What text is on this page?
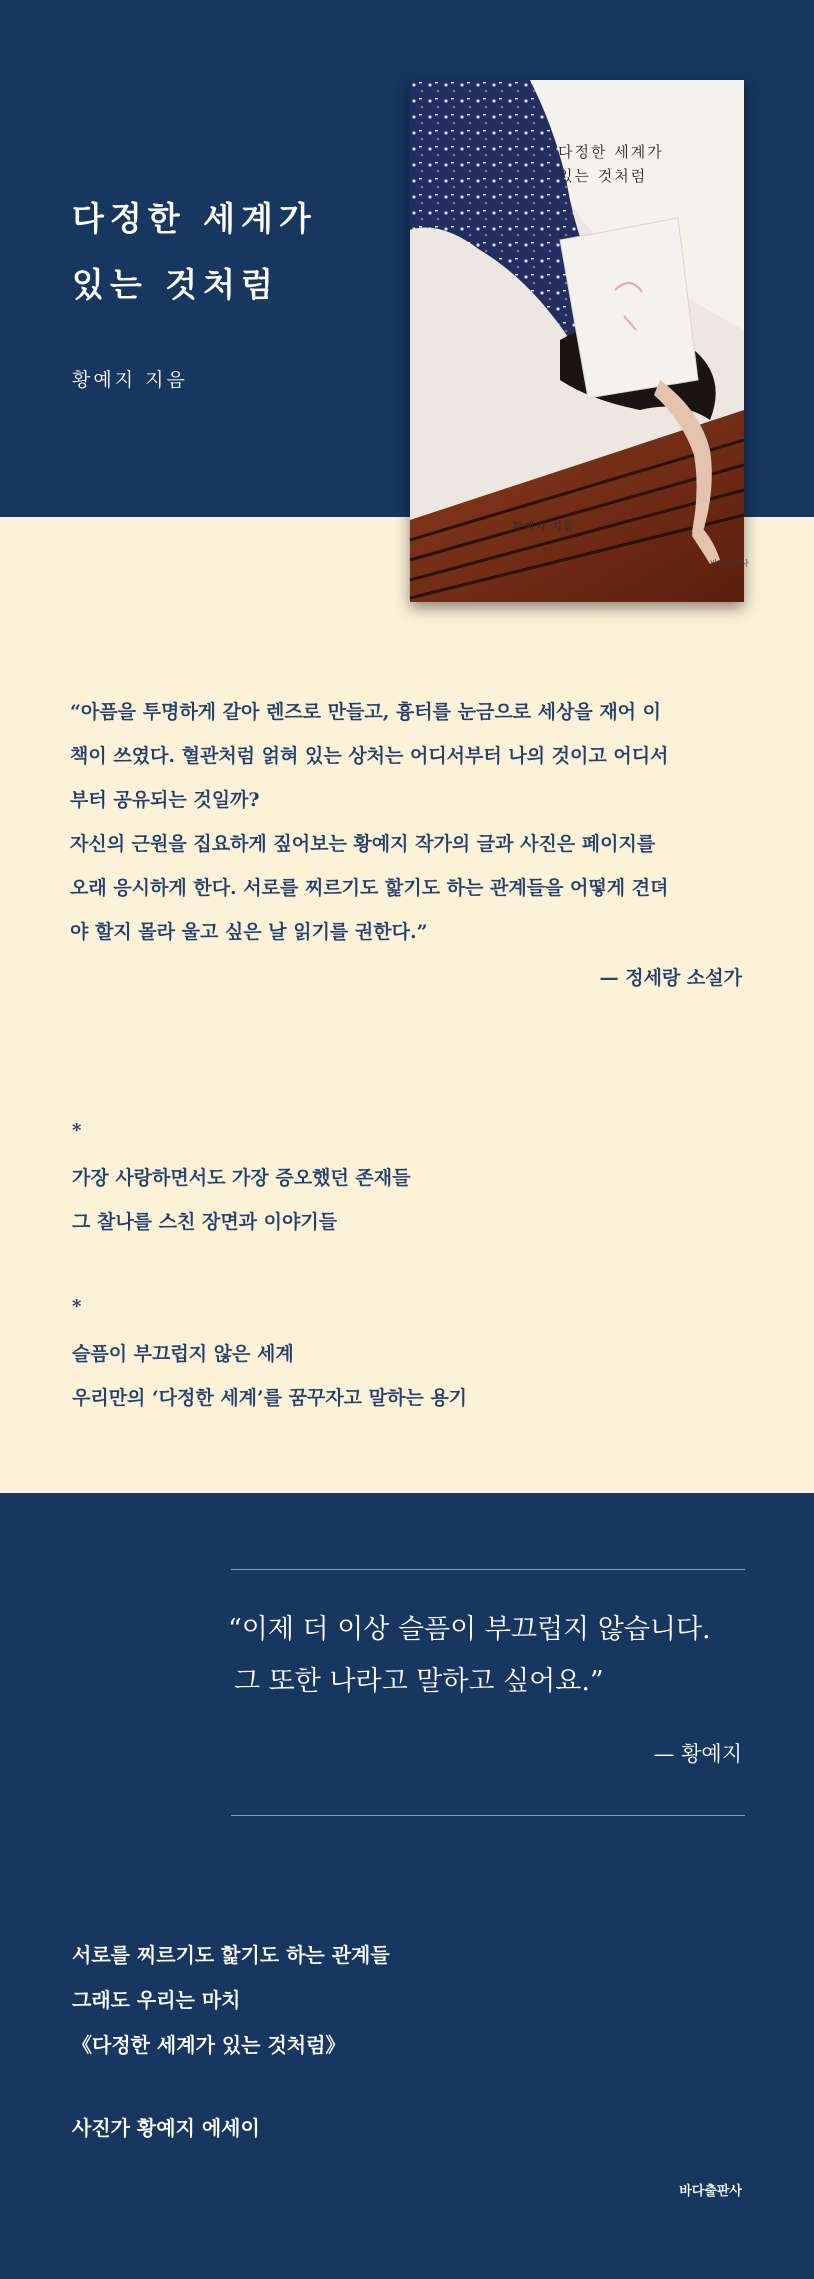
다정한 세계가
있는 것처럼
황예지 지음
다정한 세계가
있는 것처럼
황예지 지음
바다출판사
“아픔을 투명하게 갈아 렌즈로 만들고, 흉터를 눈금으로 세상을 재어 이
책이 쓰였다. 혈관처럼 얽혀 있는 상처는 어디서부터 나의 것이고 어디서
부터 공유되는 것일까?
자신의 근원을 집요하게 짚어보는 황예지 작가의 글과 사진은 페이지를
오래 응시하게 한다. 서로를 찌르기도 핥기도 하는 관계들을 어떻게 견뎌
야 할지 몰라 울고 싶은 날 읽기를 권한다.”
— 정세랑 소설가
*
가장 사랑하면서도 가장 증오했던 존재들
그 찰나를 스친 장면과 이야기들
*
슬픔이 부끄럽지 않은 세계
우리만의 ‘다정한 세계’를 꿈꾸자고 말하는 용기
“이제 더 이상 슬픔이 부끄럽지 않습니다.
그 또한 나라고 말하고 싶어요.”
— 황예지
서로를 찌르기도 핥기도 하는 관계들
그래도 우리는 마치
《다정한 세계가 있는 것처럼》
사진가 황예지 에세이
바다출판사
